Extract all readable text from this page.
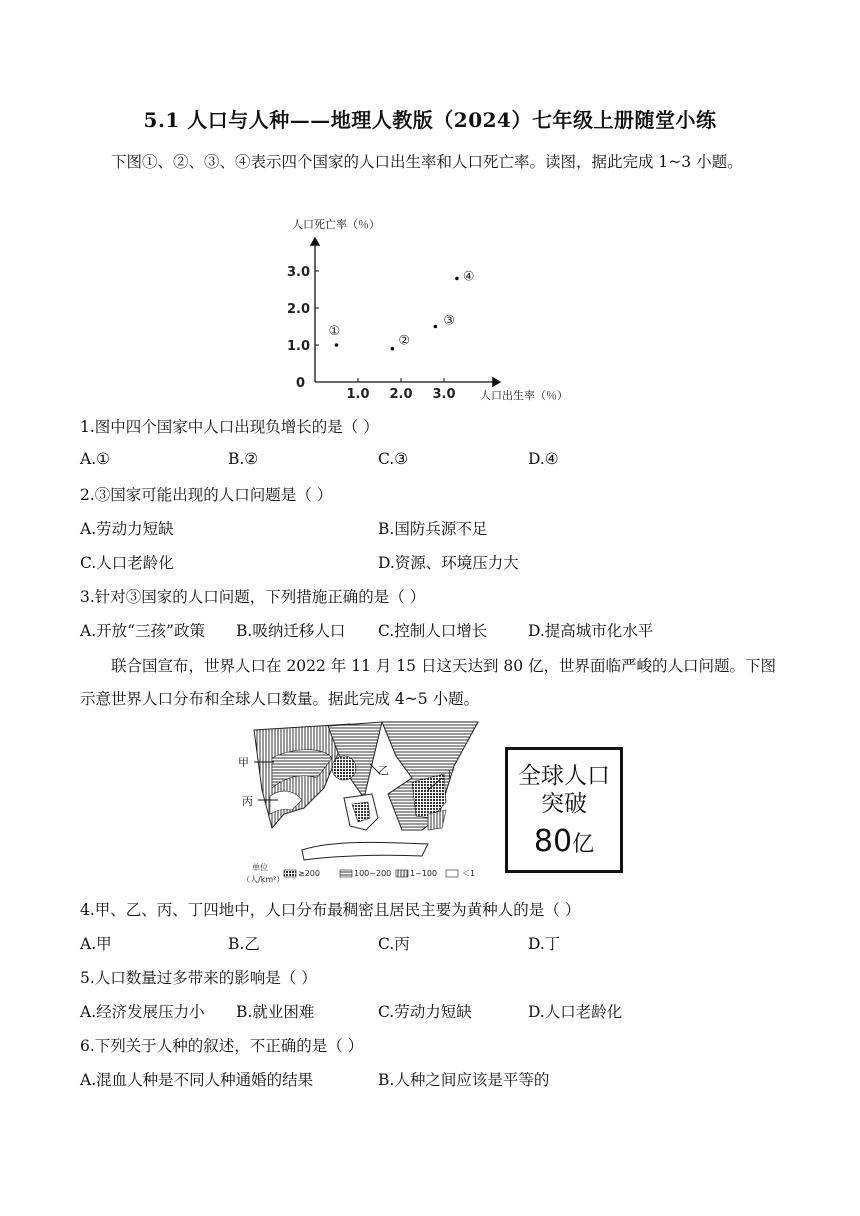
5.1 人口与人种——地理人教版（2024）七年级上册随堂小练
下图①、②、③、④表示四个国家的人口出生率和人口死亡率。读图，据此完成 1~3 小题。
人口死亡率（％）
人口出生率（％）
0
1.0 2.0 3.0
1.0
2.0
3.0
①
②
③
④
1.图中四个国家中人口出现负增长的是（ ）
A.①	B.②	C.③	D.④
2.③国家可能出现的人口问题是（ ）
A.劳动力短缺	B.国防兵源不足
C.人口老龄化	D.资源、环境压力大
3.针对③国家的人口问题，下列措施正确的是（ ）
A.开放“三孩”政策 B.吸纳迁移人口 C.控制人口增长	D.提高城市化水平
联合国宣布，世界人口在 2022 年 11 月 15 日这天达到 80 亿，世界面临严峻的人口问题。下图示意世界人口分布和全球人口数量。据此完成 4~5 小题。
甲
丙
乙	丁
单位
（人/km²）
≥200	100~200 1~100	＜1
全球人口
突破
80亿
4.甲、乙、丙、丁四地中，人口分布最稠密且居民主要为黄种人的是（ ）
A.甲	B.乙	C.丙	D.丁
5.人口数量过多带来的影响是（ ）
A.经济发展压力小 B.就业困难	C.劳动力短缺	D.人口老龄化
6.下列关于人种的叙述，不正确的是（ ）
A.混血人种是不同人种通婚的结果	B.人种之间应该是平等的
